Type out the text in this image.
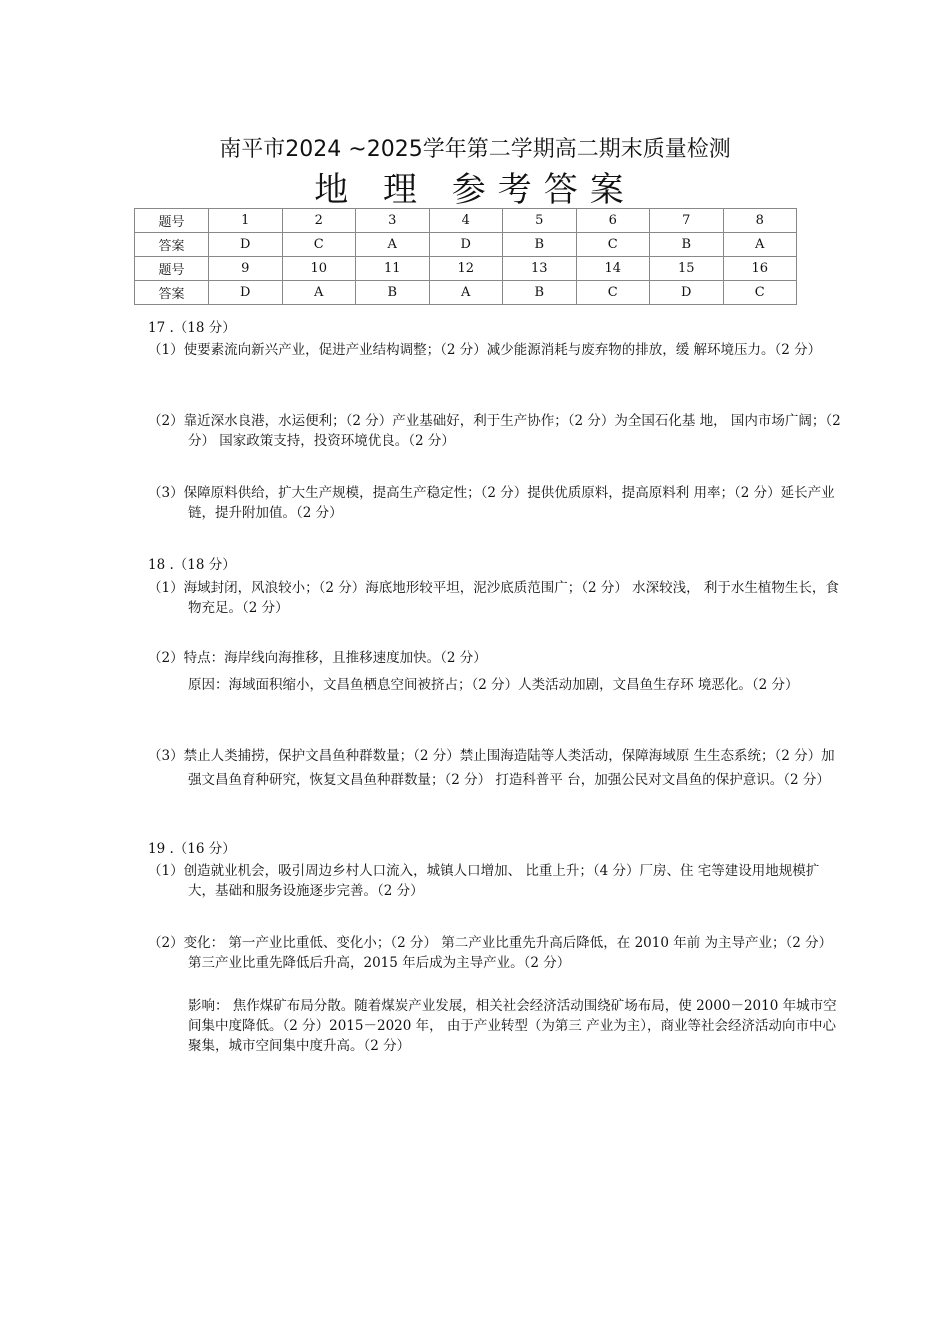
南平市2024 ~2025学年第二学期高二期末质量检测
地 理 参考答案
题号	1	2	3	4	5	6	7	8
答案	D	C	A	D	B	C	B	A
题号	9	10	11	12	13	14	15	16
答案	D	A	B	A	B	C	D	C
17 .（18 分）
（1）使要素流向新兴产业，促进产业结构调整；（2 分）减少能源消耗与废弃物的排放，缓 解环境压力。（2 分）
（2）靠近深水良港，水运便利；（2 分）产业基础好，利于生产协作；（2 分）为全国石化基 地， 国内市场广阔；（2 分） 国家政策支持，投资环境优良。（2 分）
（3）保障原料供给，扩大生产规模，提高生产稳定性；（2 分）提供优质原料，提高原料利 用率；（2 分）延长产业链，提升附加值。（2 分）
18 .（18 分）
（1）海域封闭，风浪较小；（2 分）海底地形较平坦，泥沙底质范围广；（2 分） 水深较浅， 利于水生植物生长，食物充足。（2 分）
（2）特点：海岸线向海推移，且推移速度加快。（2 分）
原因：海域面积缩小，文昌鱼栖息空间被挤占；（2 分）人类活动加剧，文昌鱼生存环 境恶化。（2 分）
（3）禁止人类捕捞，保护文昌鱼种群数量；（2 分）禁止围海造陆等人类活动，保障海域原 生生态系统；（2 分）加强文昌鱼育种研究，恢复文昌鱼种群数量；（2 分） 打造科普平 台，加强公民对文昌鱼的保护意识。（2 分）
19 .（16 分）
（1）创造就业机会，吸引周边乡村人口流入，城镇人口增加、 比重上升；（4 分）厂房、住 宅等建设用地规模扩大，基础和服务设施逐步完善。（2 分）
（2）变化： 第一产业比重低、变化小；（2 分） 第二产业比重先升高后降低，在 2010 年前 为主导产业；（2 分）第三产业比重先降低后升高，2015 年后成为主导产业。（2 分）
影响： 焦作煤矿布局分散。随着煤炭产业发展，相关社会经济活动围绕矿场布局，使 2000－2010 年城市空间集中度降低。（2 分）2015－2020 年， 由于产业转型（为第三 产业为主），商业等社会经济活动向市中心聚集，城市空间集中度升高。（2 分）
